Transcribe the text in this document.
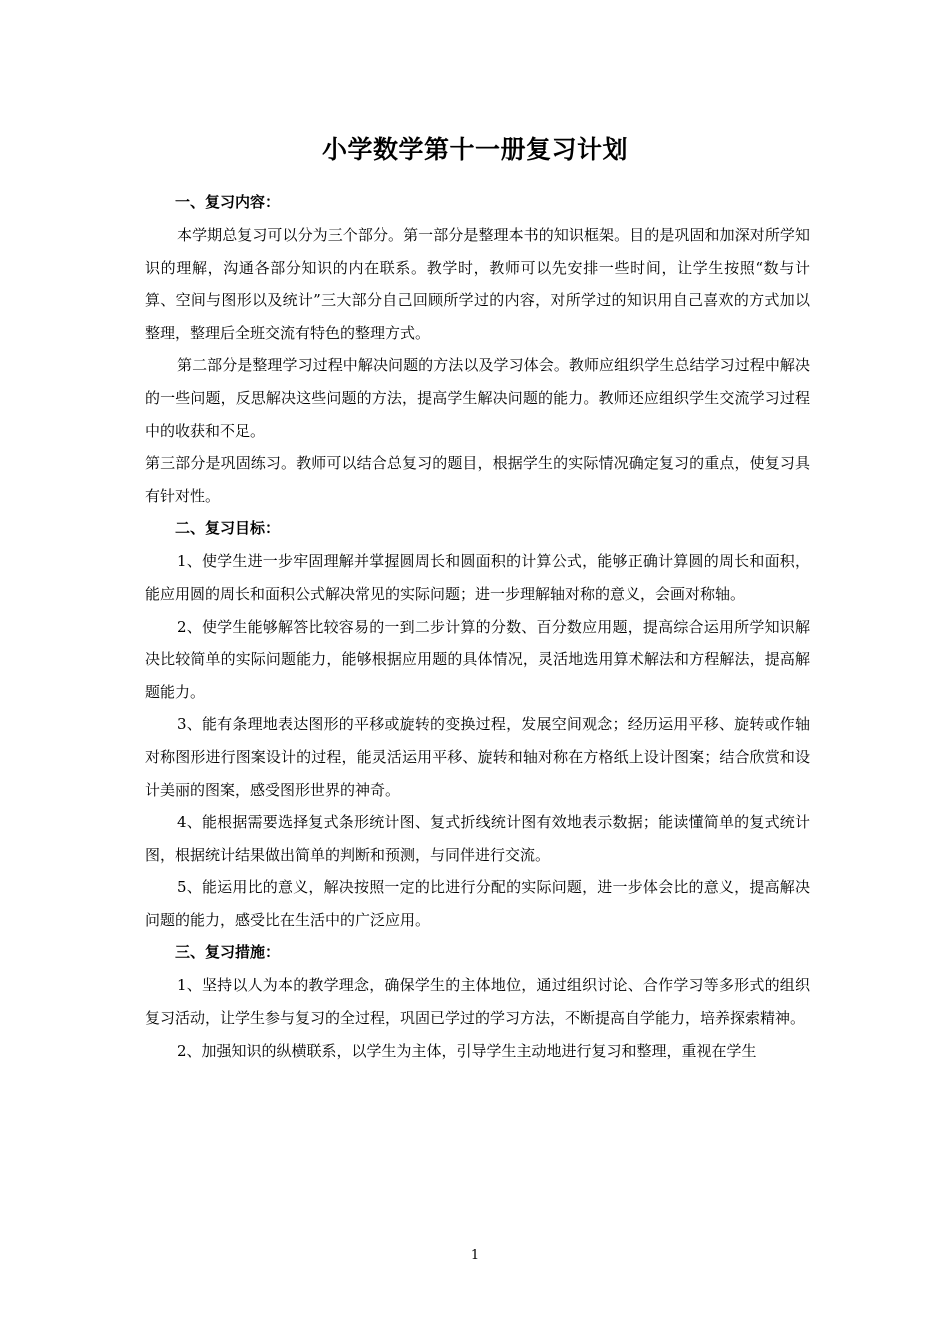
小学数学第十一册复习计划

一、复习内容：

本学期总复习可以分为三个部分。第一部分是整理本书的知识框架。目的是巩固和加深对所学知识的理解，沟通各部分知识的内在联系。教学时，教师可以先安排一些时间，让学生按照“数与计算、空间与图形以及统计”三大部分自己回顾所学过的内容，对所学过的知识用自己喜欢的方式加以整理，整理后全班交流有特色的整理方式。

第二部分是整理学习过程中解决问题的方法以及学习体会。教师应组织学生总结学习过程中解决的一些问题，反思解决这些问题的方法，提高学生解决问题的能力。教师还应组织学生交流学习过程中的收获和不足。

第三部分是巩固练习。教师可以结合总复习的题目，根据学生的实际情况确定复习的重点，使复习具有针对性。

二、复习目标：

1、使学生进一步牢固理解并掌握圆周长和圆面积的计算公式，能够正确计算圆的周长和面积，能应用圆的周长和面积公式解决常见的实际问题；进一步理解轴对称的意义，会画对称轴。

2、使学生能够解答比较容易的一到二步计算的分数、百分数应用题，提高综合运用所学知识解决比较简单的实际问题能力，能够根据应用题的具体情况，灵活地选用算术解法和方程解法，提高解题能力。

3、能有条理地表达图形的平移或旋转的变换过程，发展空间观念；经历运用平移、旋转或作轴对称图形进行图案设计的过程，能灵活运用平移、旋转和轴对称在方格纸上设计图案；结合欣赏和设计美丽的图案，感受图形世界的神奇。

4、能根据需要选择复式条形统计图、复式折线统计图有效地表示数据；能读懂简单的复式统计图，根据统计结果做出简单的判断和预测，与同伴进行交流。

5、能运用比的意义，解决按照一定的比进行分配的实际问题，进一步体会比的意义，提高解决问题的能力，感受比在生活中的广泛应用。

三、复习措施：

1、坚持以人为本的教学理念，确保学生的主体地位，通过组织讨论、合作学习等多形式的组织复习活动，让学生参与复习的全过程，巩固已学过的学习方法，不断提高自学能力，培养探索精神。

2、加强知识的纵横联系，以学生为主体，引导学生主动地进行复习和整理，重视在学生

1
